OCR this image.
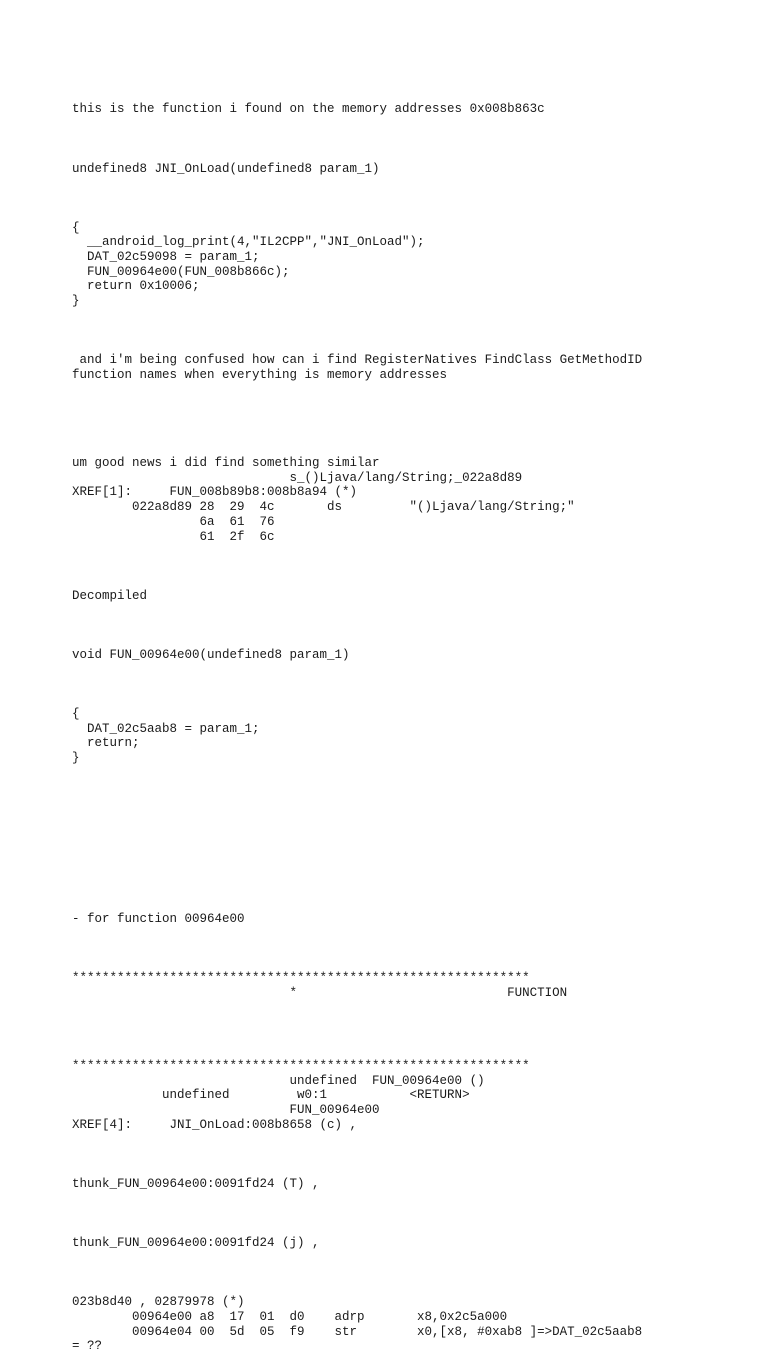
this is the function i found on the memory addresses 0x008b863c

undefined8 JNI_OnLoad(undefined8 param_1)

{
__android_log_print(4,"IL2CPP","JNI_OnLoad");
DAT_02c59098 = param_1;
FUN_00964e00(FUN_008b866c);
return 0x10006;
}

and i'm being confused how can i find RegisterNatives FindClass GetMethodID
function names when everything is memory addresses

um good news i did find something similar
s_()Ljava/lang/String;_022a8d89
XREF[1]:     FUN_008b89b8:008b8a94 (*)
022a8d89 28  29  4c       ds         "()Ljava/lang/String;"
6a  61  76
61  2f  6c

Decompiled

void FUN_00964e00(undefined8 param_1)

{
DAT_02c5aab8 = param_1;
return;
}

- for function 00964e00

*************************************************************
*                            FUNCTION

*************************************************************
undefined  FUN_00964e00 ()
undefined         w0:1           <RETURN>
FUN_00964e00
XREF[4]:     JNI_OnLoad:008b8658 (c) ,

thunk_FUN_00964e00:0091fd24 (T) ,

thunk_FUN_00964e00:0091fd24 (j) ,

023b8d40 , 02879978 (*)
00964e00 a8  17  01  d0    adrp       x8,0x2c5a000
00964e04 00  5d  05  f9    str        x0,[x8, #0xab8 ]=>DAT_02c5aab8
= ??
